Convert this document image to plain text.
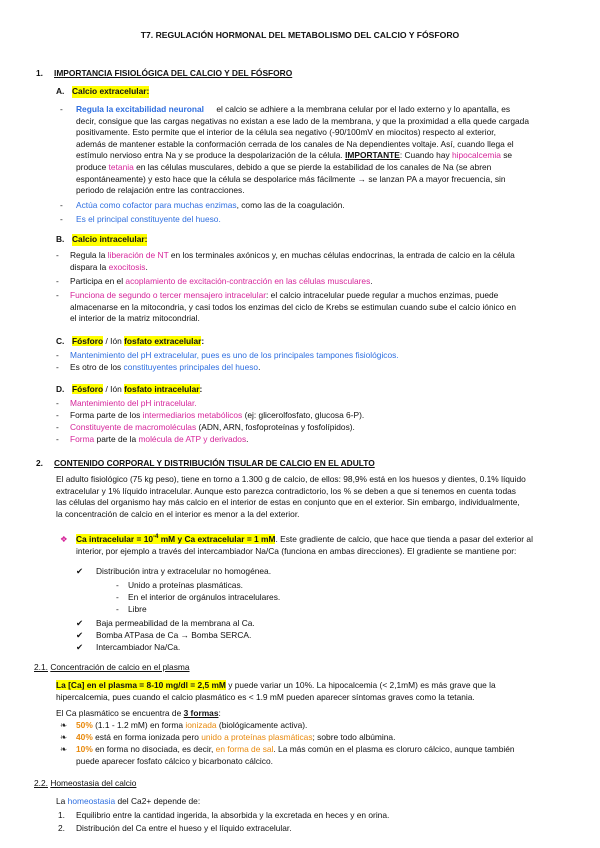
T7. REGULACIÓN HORMONAL DEL METABOLISMO DEL CALCIO Y FÓSFORO
1. IMPORTANCIA FISIOLÓGICA DEL CALCIO Y DEL FÓSFORO
A. Calcio extracelular:
- Regula la excitabilidad neuronal el calcio se adhiere a la membrana celular por el lado externo y lo apantalla, es
decir, consigue que las cargas negativas no existan a ese lado de la membrana, y que la proximidad a ella quede cargada
positivamente. Esto permite que el interior de la célula sea negativo (-90/100mV en miocitos) respecto al exterior,
además de mantener estable la conformación cerrada de los canales de Na dependientes voltaje. Así, cuando llega el
estímulo nervioso entra Na y se produce la despolarización de la célula. IMPORTANTE: Cuando hay hipocalcemia se
produce tetania en las células musculares, debido a que se pierde la estabilidad de los canales de Na (se abren
espontáneamente) y esto hace que la célula se despolarice más fácilmente → se lanzan PA a mayor frecuencia, sin
periodo de relajación entre las contracciones.
- Actúa como cofactor para muchas enzimas, como las de la coagulación.
- Es el principal constituyente del hueso.
B. Calcio intracelular:
- Regula la liberación de NT en los terminales axónicos y, en muchas células endocrinas, la entrada de calcio en la célula
dispara la exocitosis.
- Participa en el acoplamiento de excitación-contracción en las células musculares.
- Funciona de segundo o tercer mensajero intracelular: el calcio intracelular puede regular a muchos enzimas, puede
almacenarse en la mitocondria, y casi todos los enzimas del ciclo de Krebs se estimulan cuando sube el calcio iónico en
el interior de la matriz mitocondrial.
C. Fósforo / Ión fosfato extracelular:
- Mantenimiento del pH extracelular, pues es uno de los principales tampones fisiológicos.
- Es otro de los constituyentes principales del hueso.
D. Fósforo / Ión fosfato intracelular:
- Mantenimiento del pH intracelular.
- Forma parte de los intermediarios metabólicos (ej: glicerolfosfato, glucosa 6-P).
- Constituyente de macromoléculas (ADN, ARN, fosfoproteínas y fosfolípidos).
- Forma parte de la molécula de ATP y derivados.
2. CONTENIDO CORPORAL Y DISTRIBUCIÓN TISULAR DE CALCIO EN EL ADULTO
El adulto fisiológico (75 kg peso), tiene en torno a 1.300 g de calcio, de ellos: 98,9% está en los huesos y dientes, 0.1% líquido
extracelular y 1% líquido intracelular. Aunque esto parezca contradictorio, los % se deben a que si tenemos en cuenta todas
las células del organismo hay más calcio en el interior de estas en conjunto que en el exterior. Sin embargo, individualmente,
la concentración de calcio en el interior es menor a la del exterior.
❖ Ca intracelular = $10^{-4}$ mM y Ca extracelular = 1 mM. Este gradiente de calcio, que hace que tienda a pasar del exterior al
interior, por ejemplo a través del intercambiador Na/Ca (funciona en ambas direcciones). El gradiente se mantiene por:
✔ Distribución intra y extracelular no homogénea.
- Unido a proteínas plasmáticas.
- En el interior de orgánulos intracelulares.
- Libre
✔ Baja permeabilidad de la membrana al Ca.
✔ Bomba ATPasa de Ca → Bomba SERCA.
✔ Intercambiador Na/Ca.
2.1. Concentración de calcio en el plasma
La [Ca] en el plasma = 8-10 mg/dl = 2,5 mM y puede variar un 10%. La hipocalcemia (< 2,1mM) es más grave que la
hipercalcemia, pues cuando el calcio plasmático es < 1.9 mM pueden aparecer síntomas graves como la tetania.
El Ca plasmático se encuentra de 3 formas:
❧ 50% (1.1 - 1.2 mM) en forma ionizada (biológicamente activa).
❧ 40% está en forma ionizada pero unido a proteínas plasmáticas; sobre todo albúmina.
❧ 10% en forma no disociada, es decir, en forma de sal. La más común en el plasma es cloruro cálcico, aunque también
puede aparecer fosfato cálcico y bicarbonato cálcico.
2.2. Homeostasia del calcio
La homeostasia del Ca2+ depende de:
1. Equilibrio entre la cantidad ingerida, la absorbida y la excretada en heces y en orina.
2. Distribución del Ca entre el hueso y el líquido extracelular.
